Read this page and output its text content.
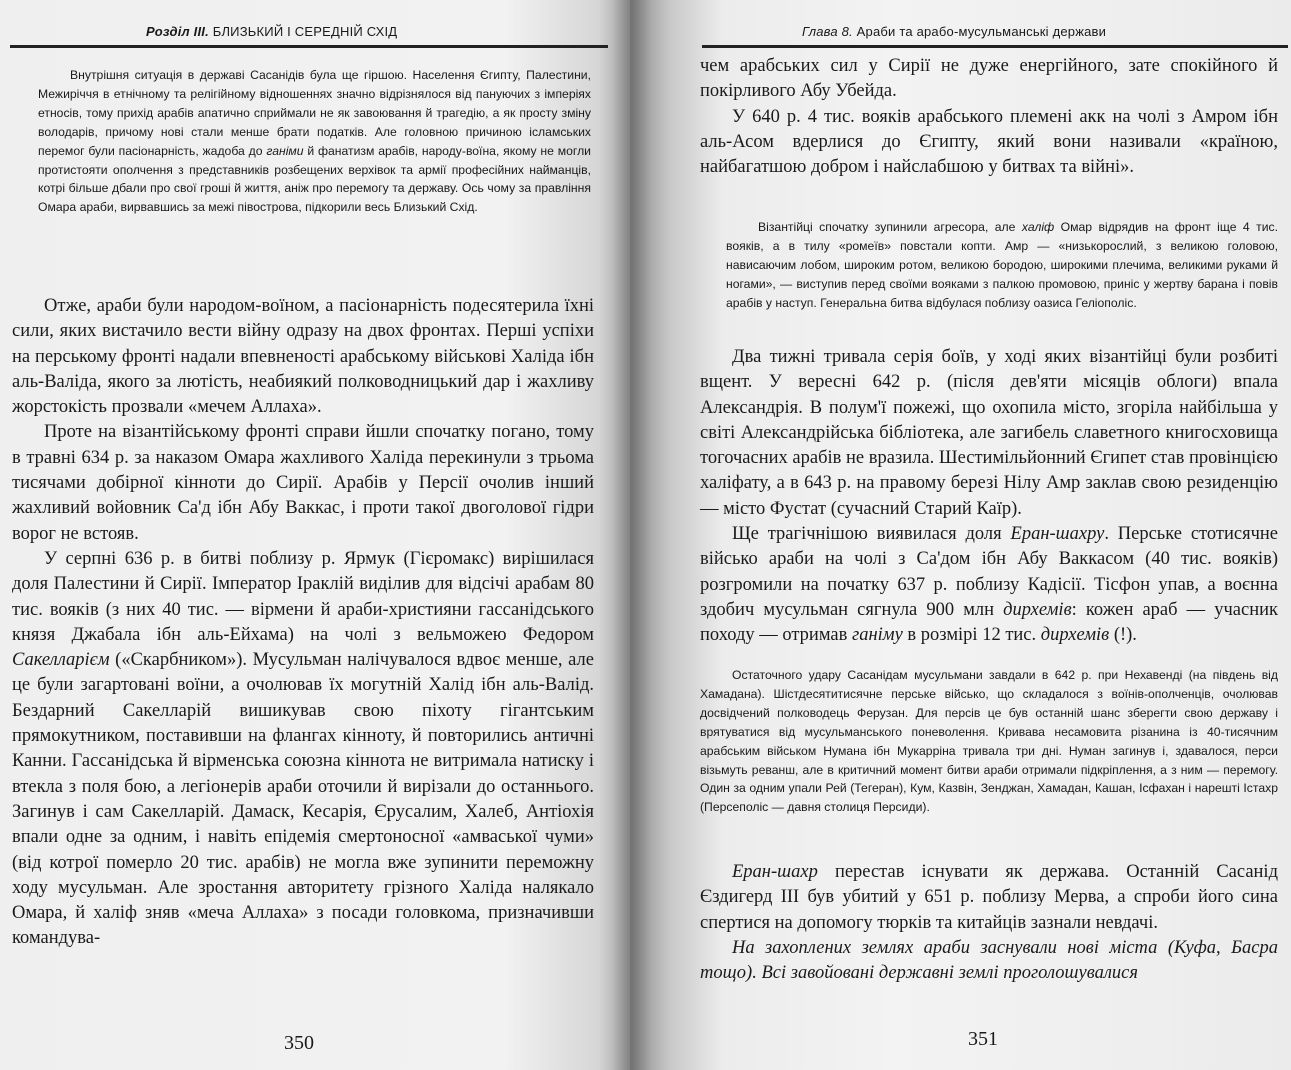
Розділ III. БЛИЗЬКИЙ І СЕРЕДНІЙ СХІД

Внутрішня ситуація в державі Сасанідів була ще гіршою. Населення Єгипту, Палестини, Межиріччя в етнічному та релігійному відношеннях значно відрізнялося від пануючих з імперіях етносів, тому прихід арабів апатично сприймали не як завоювання й трагедію, а як просту зміну володарів, причому нові стали менше брати податків. Але головною причиною ісламських перемог були пасіонарність, жадоба до ганіми й фанатизм арабів, народу-воїна, якому не могли протистояти ополчення з представників розбещених верхівок та армії професійних найманців, котрі більше дбали про свої гроші й життя, аніж про перемогу та державу. Ось чому за правління Омара араби, вирвавшись за межі півострова, підкорили весь Близький Схід.

Отже, араби були народом-воїном, а пасіонарність подесятерила їхні сили, яких вистачило вести війну одразу на двох фронтах. Перші успіхи на перському фронті надали впевненості арабському військові Халіда ібн аль-Валіда, якого за лютість, неабиякий полководницький дар і жахливу жорстокість прозвали «мечем Аллаха».

Проте на візантійському фронті справи йшли спочатку погано, тому в травні 634 р. за наказом Омара жахливого Халіда перекинули з трьома тисячами добірної кінноти до Сирії. Арабів у Персії очолив інший жахливий войовник Са'д ібн Абу Ваккас, і проти такої двоголової гідри ворог не встояв.

У серпні 636 р. в битві поблизу р. Ярмук (Гієромакс) вирішилася доля Палестини й Сирії. Імператор Іраклій виділив для відсічі арабам 80 тис. вояків (з них 40 тис. — вірмени й араби-християни гассанідського князя Джабала ібн аль-Ейхама) на чолі з вельможею Федором Сакелларієм («Скарбником»). Мусульман налічувалося вдвоє менше, але це були загартовані воїни, а очолював їх могутній Халід ібн аль-Валід. Бездарний Сакелларій вишикував свою піхоту гігантським прямокутником, поставивши на флангах кінноту, й повторились античні Канни. Гассанідська й вірменська союзна кіннота не витримала натиску і втекла з поля бою, а легіонерів араби оточили й вирізали до останнього. Загинув і сам Сакелларій. Дамаск, Кесарія, Єрусалим, Халеб, Антіохія впали одне за одним, і навіть епідемія смертоносної «амваської чуми» (від котрої померло 20 тис. арабів) не могла вже зупинити переможну ходу мусульман. Але зростання авторитету грізного Халіда налякало Омара, й халіф зняв «меча Аллаха» з посади головкома, призначивши командува-

350
Глава 8. Араби та арабо-мусульманські держави

чем арабських сил у Сирії не дуже енергійного, зате спокійного й покірливого Абу Убейда.

У 640 р. 4 тис. вояків арабського племені акк на чолі з Амром ібн аль-Асом вдерлися до Єгипту, який вони називали «країною, найбагатшою добром і найслабшою у битвах та війні».

Візантійці спочатку зупинили агресора, але халіф Омар відрядив на фронт іще 4 тис. вояків, а в тилу «ромеїв» повстали копти. Амр — «низькорослий, з великою головою, нависаючим лобом, широким ротом, великою бородою, широкими плечима, великими руками й ногами», — виступив перед своїми вояками з палкою промовою, приніс у жертву барана і повів арабів у наступ. Генеральна битва відбулася поблизу оазиса Геліополіс.

Два тижні тривала серія боїв, у ході яких візантійці були розбиті вщент. У вересні 642 р. (після дев'яти місяців облоги) впала Александрія. В полум'ї пожежі, що охопила місто, згоріла найбільша у світі Александрійська бібліотека, але загибель славетного книгосховища тогочасних арабів не вразила. Шестимільйонний Єгипет став провінцією халіфату, а в 643 р. на правому березі Нілу Амр заклав свою резиденцію — місто Фустат (сучасний Старий Каїр).

Ще трагічнішою виявилася доля Еран-шахру. Перське стотисячне військо араби на чолі з Са'дом ібн Абу Ваккасом (40 тис. вояків) розгромили на початку 637 р. поблизу Кадісії. Тісфон упав, а воєнна здобич мусульман сягнула 900 млн дирхемів: кожен араб — учасник походу — отримав ганіму в розмірі 12 тис. дирхемів (!).

Остаточного удару Сасанідам мусульмани завдали в 642 р. при Нехавенді (на південь від Хамадана). Шістдесятитисячне перське військо, що складалося з воїнів-ополченців, очолював досвідчений полководець Ферузан. Для персів це був останній шанс зберегти свою державу і врятуватися від мусульманського поневолення. Кривава несамовита різанина із 40-тисячним арабським військом Нумана ібн Мукарріна тривала три дні. Нуман загинув і, здавалося, перси візьмуть реванш, але в критичний момент битви араби отримали підкріплення, а з ним — перемогу. Один за одним упали Рей (Тегеран), Кум, Казвін, Зенджан, Хамадан, Кашан, Ісфахан і нарешті Істахр (Персеполіс — давня столиця Персиди).

Еран-шахр перестав існувати як держава. Останній Сасанід Єздигерд III був убитий у 651 р. поблизу Мерва, а спроби його сина спертися на допомогу тюрків та китайців зазнали невдачі.

На захоплених землях араби заснували нові міста (Куфа, Басра тощо). Всі завойовані державні землі проголошувалися

351
